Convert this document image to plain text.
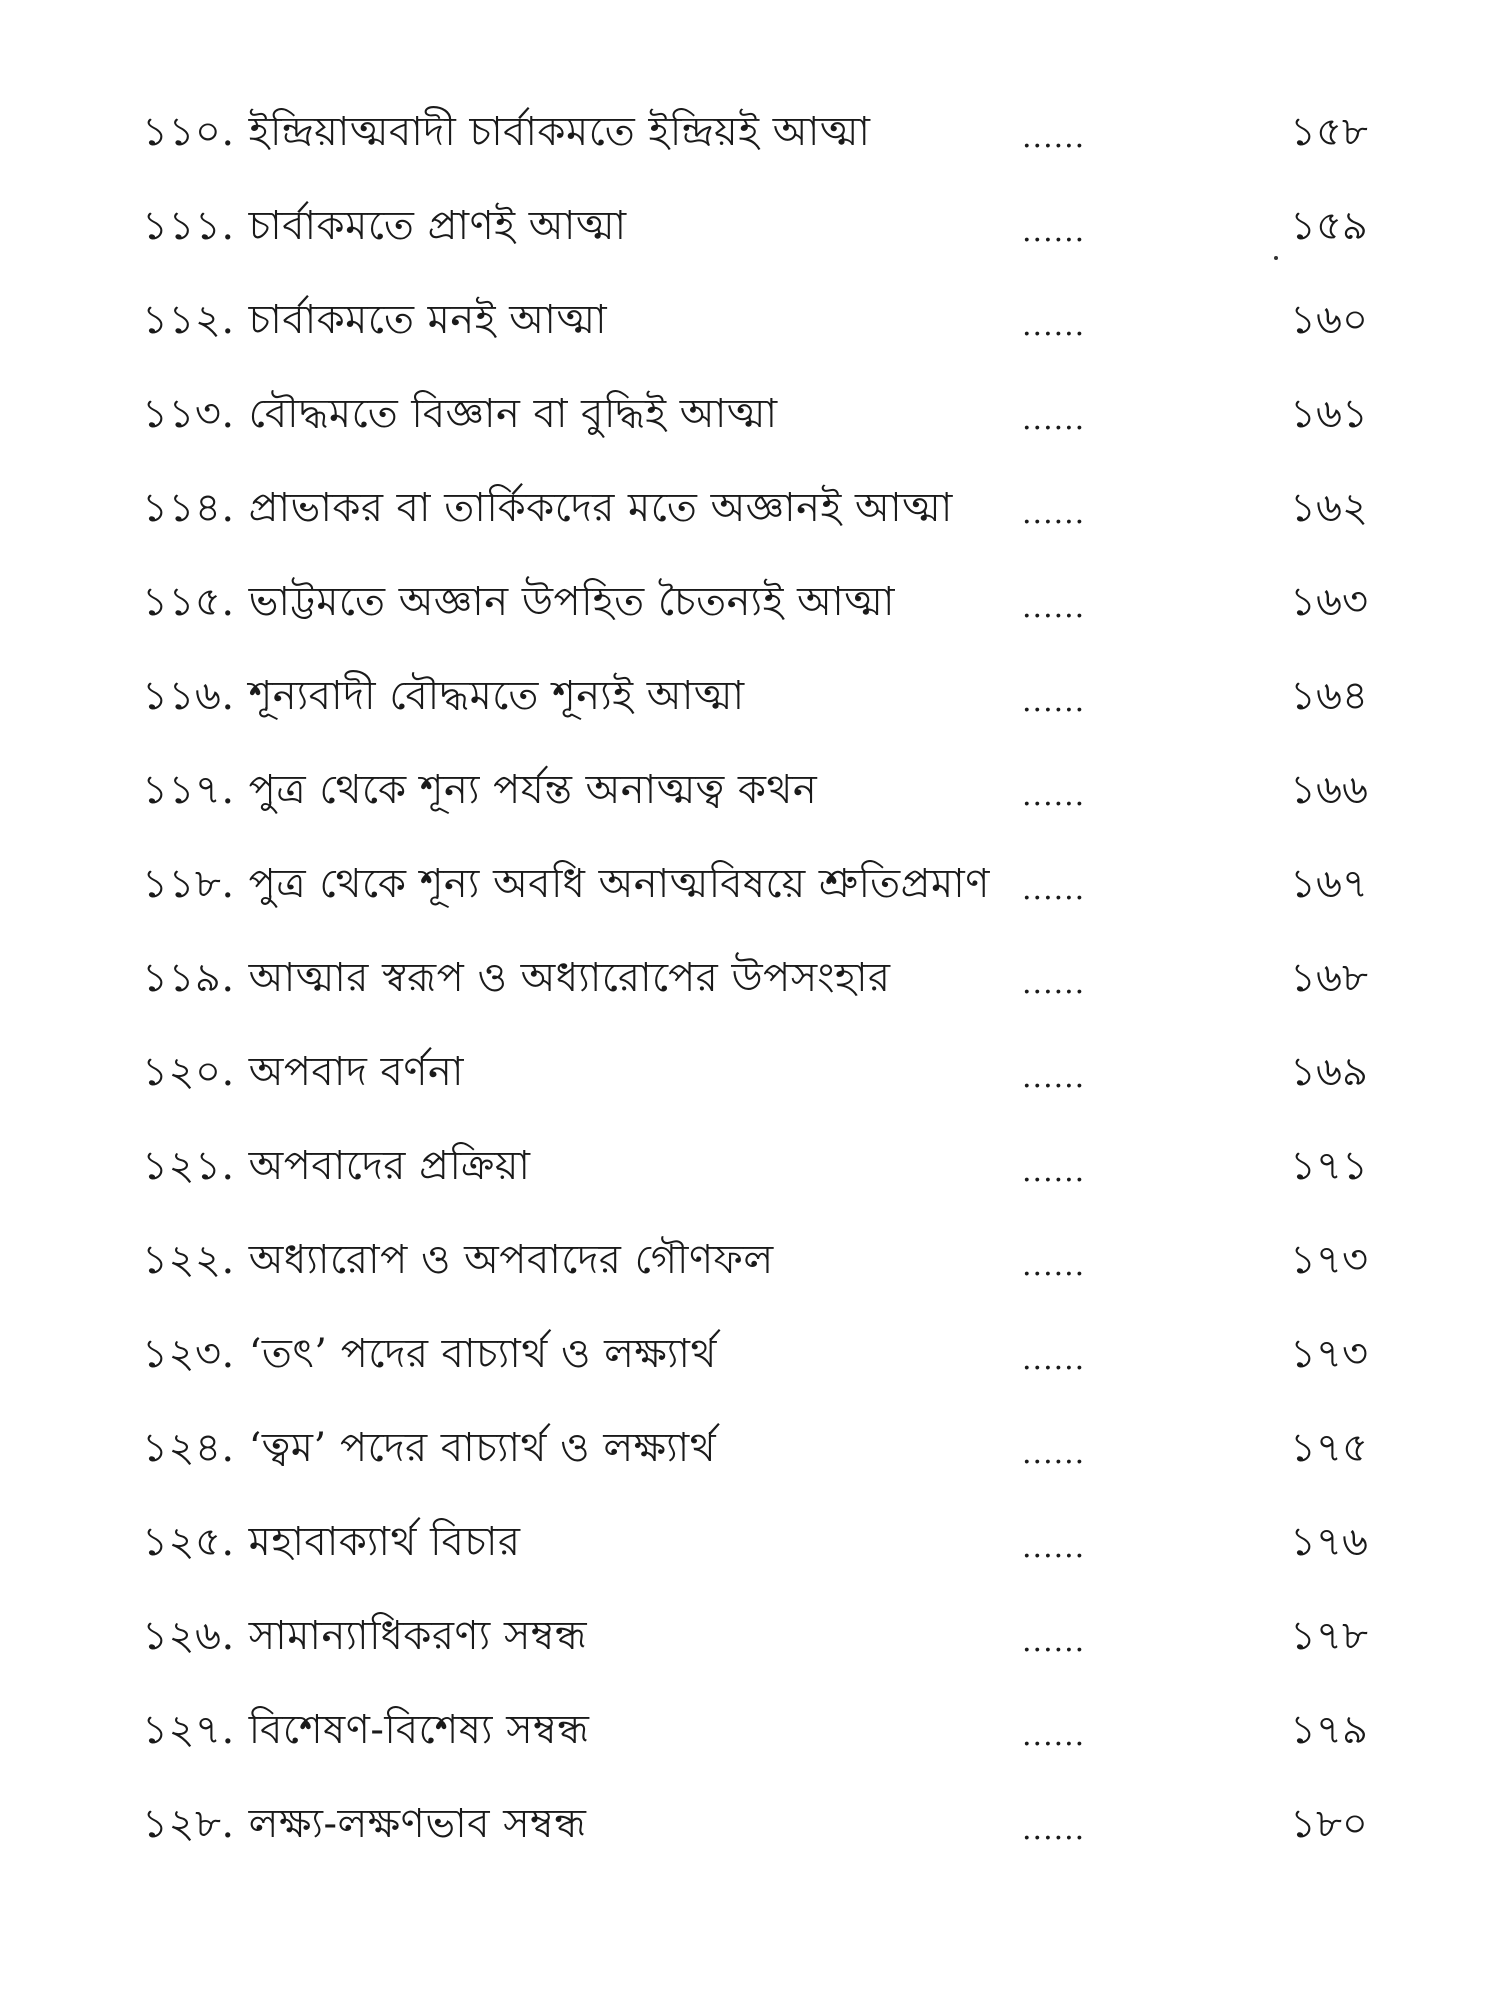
১১০. ইন্দ্রিয়াত্মবাদী চার্বাকমতে ইন্দ্রিয়ই আত্মা	......	১৫৮
১১১. চার্বাকমতে প্রাণই আত্মা	......	১৫৯
১১২. চার্বাকমতে মনই আত্মা	......	১৬০
১১৩. বৌদ্ধমতে বিজ্ঞান বা বুদ্ধিই আত্মা	......	১৬১
১১৪. প্রাভাকর বা তার্কিকদের মতে অজ্ঞানই আত্মা ......	১৬২
১১৫. ভাট্টমতে অজ্ঞান উপহিত চৈতন্যই আত্মা	......	১৬৩
১১৬. শূন্যবাদী বৌদ্ধমতে শূন্যই আত্মা	......	১৬৪
১১৭. পুত্র থেকে শূন্য পর্যন্ত অনাত্মত্ব কথন	......	১৬৬
১১৮. পুত্র থেকে শূন্য অবধি অনাত্মবিষয়ে শ্রুতিপ্রমাণ ......	১৬৭
১১৯. আত্মার স্বরূপ ও অধ্যারোপের উপসংহার	......	১৬৮
১২০. অপবাদ বর্ণনা	......	১৬৯
১২১. অপবাদের প্রক্রিয়া	......	১৭১
১২২. অধ্যারোপ ও অপবাদের গৌণফল	......	১৭৩
১২৩. ‘তৎ’ পদের বাচ্যার্থ ও লক্ষ্যার্থ	......	১৭৩
১২৪. ‘ত্বম’ পদের বাচ্যার্থ ও লক্ষ্যার্থ	......	১৭৫
১২৫. মহাবাক্যার্থ বিচার	......	১৭৬
১২৬. সামান্যাধিকরণ্য সম্বন্ধ	......	১৭৮
১২৭. বিশেষণ-বিশেষ্য সম্বন্ধ	......	১৭৯
১২৮. লক্ষ্য-লক্ষণভাব সম্বন্ধ	......	১৮০
